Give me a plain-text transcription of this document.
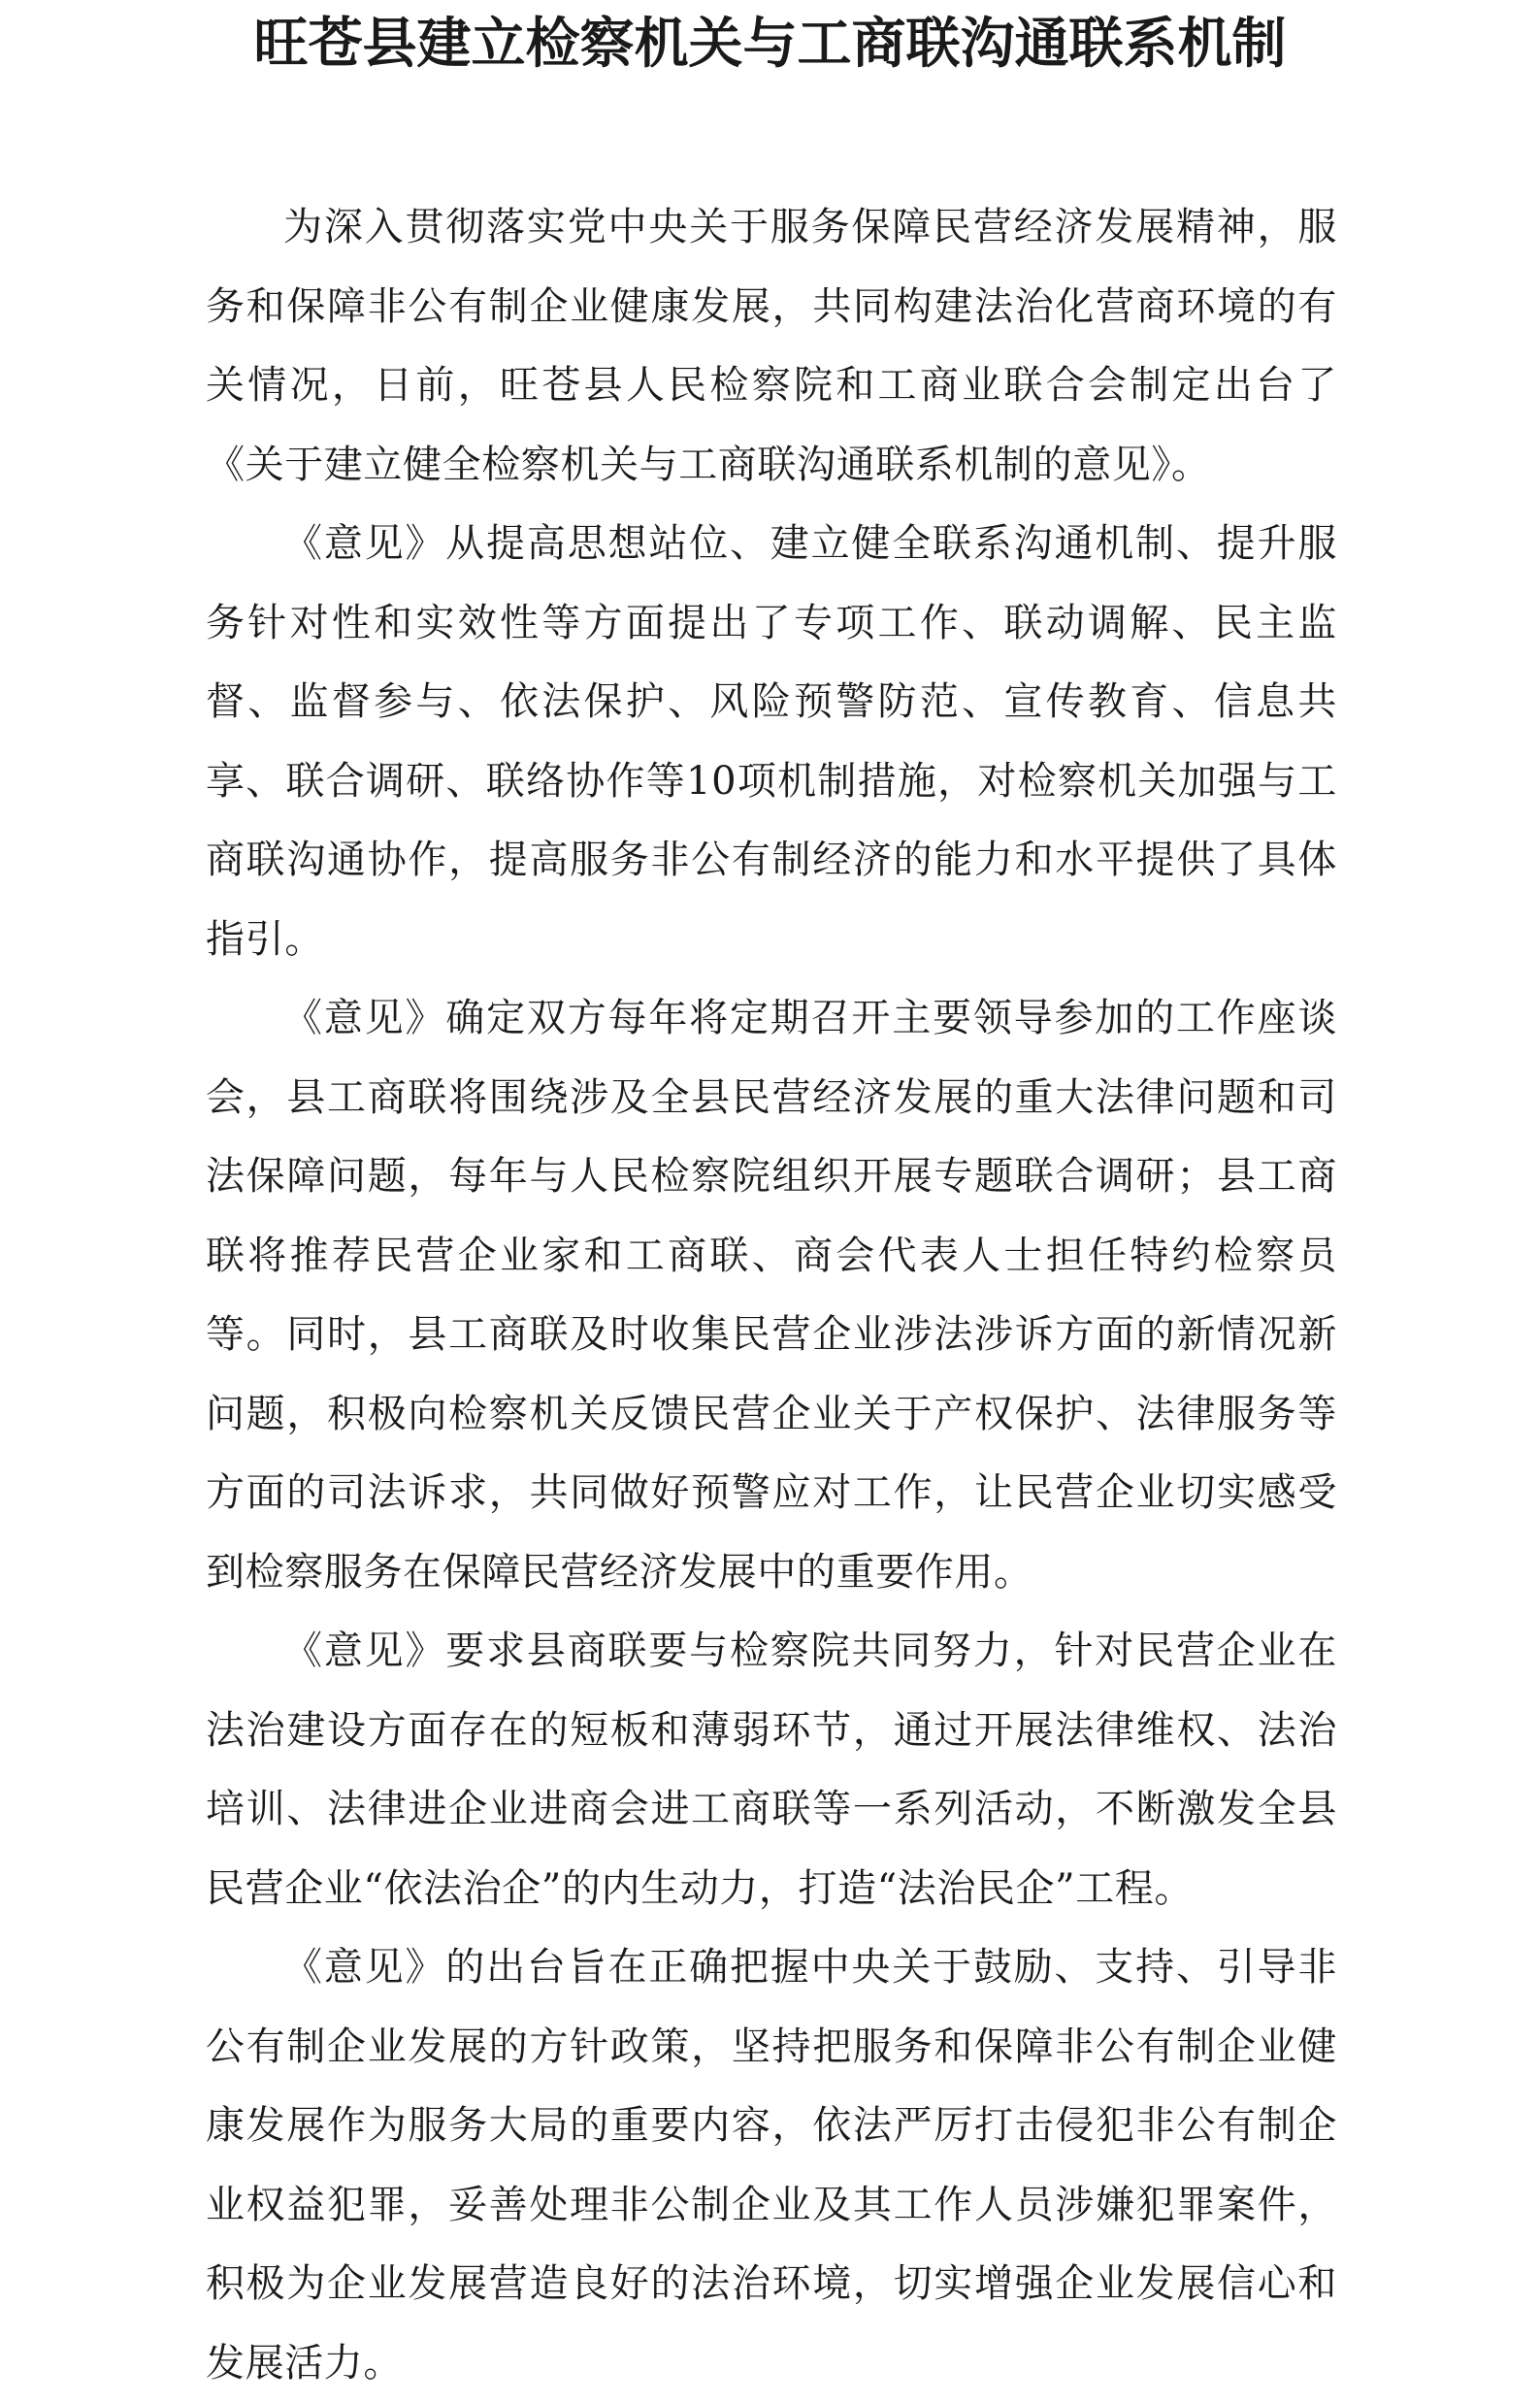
旺苍县建立检察机关与工商联沟通联系机制

为深入贯彻落实党中央关于服务保障民营经济发展精神，服务和保障非公有制企业健康发展，共同构建法治化营商环境的有关情况，日前，旺苍县人民检察院和工商业联合会制定出台了《关于建立健全检察机关与工商联沟通联系机制的意见》。

《意见》从提高思想站位、建立健全联系沟通机制、提升服务针对性和实效性等方面提出了专项工作、联动调解、民主监督、监督参与、依法保护、风险预警防范、宣传教育、信息共享、联合调研、联络协作等10项机制措施，对检察机关加强与工商联沟通协作，提高服务非公有制经济的能力和水平提供了具体指引。

《意见》确定双方每年将定期召开主要领导参加的工作座谈会，县工商联将围绕涉及全县民营经济发展的重大法律问题和司法保障问题，每年与人民检察院组织开展专题联合调研；县工商联将推荐民营企业家和工商联、商会代表人士担任特约检察员等。同时，县工商联及时收集民营企业涉法涉诉方面的新情况新问题，积极向检察机关反馈民营企业关于产权保护、法律服务等方面的司法诉求，共同做好预警应对工作，让民营企业切实感受到检察服务在保障民营经济发展中的重要作用。

《意见》要求县商联要与检察院共同努力，针对民营企业在法治建设方面存在的短板和薄弱环节，通过开展法律维权、法治培训、法律进企业进商会进工商联等一系列活动，不断激发全县民营企业“依法治企”的内生动力，打造“法治民企”工程。

《意见》的出台旨在正确把握中央关于鼓励、支持、引导非公有制企业发展的方针政策，坚持把服务和保障非公有制企业健康发展作为服务大局的重要内容，依法严厉打击侵犯非公有制企业权益犯罪，妥善处理非公制企业及其工作人员涉嫌犯罪案件，积极为企业发展营造良好的法治环境，切实增强企业发展信心和发展活力。
